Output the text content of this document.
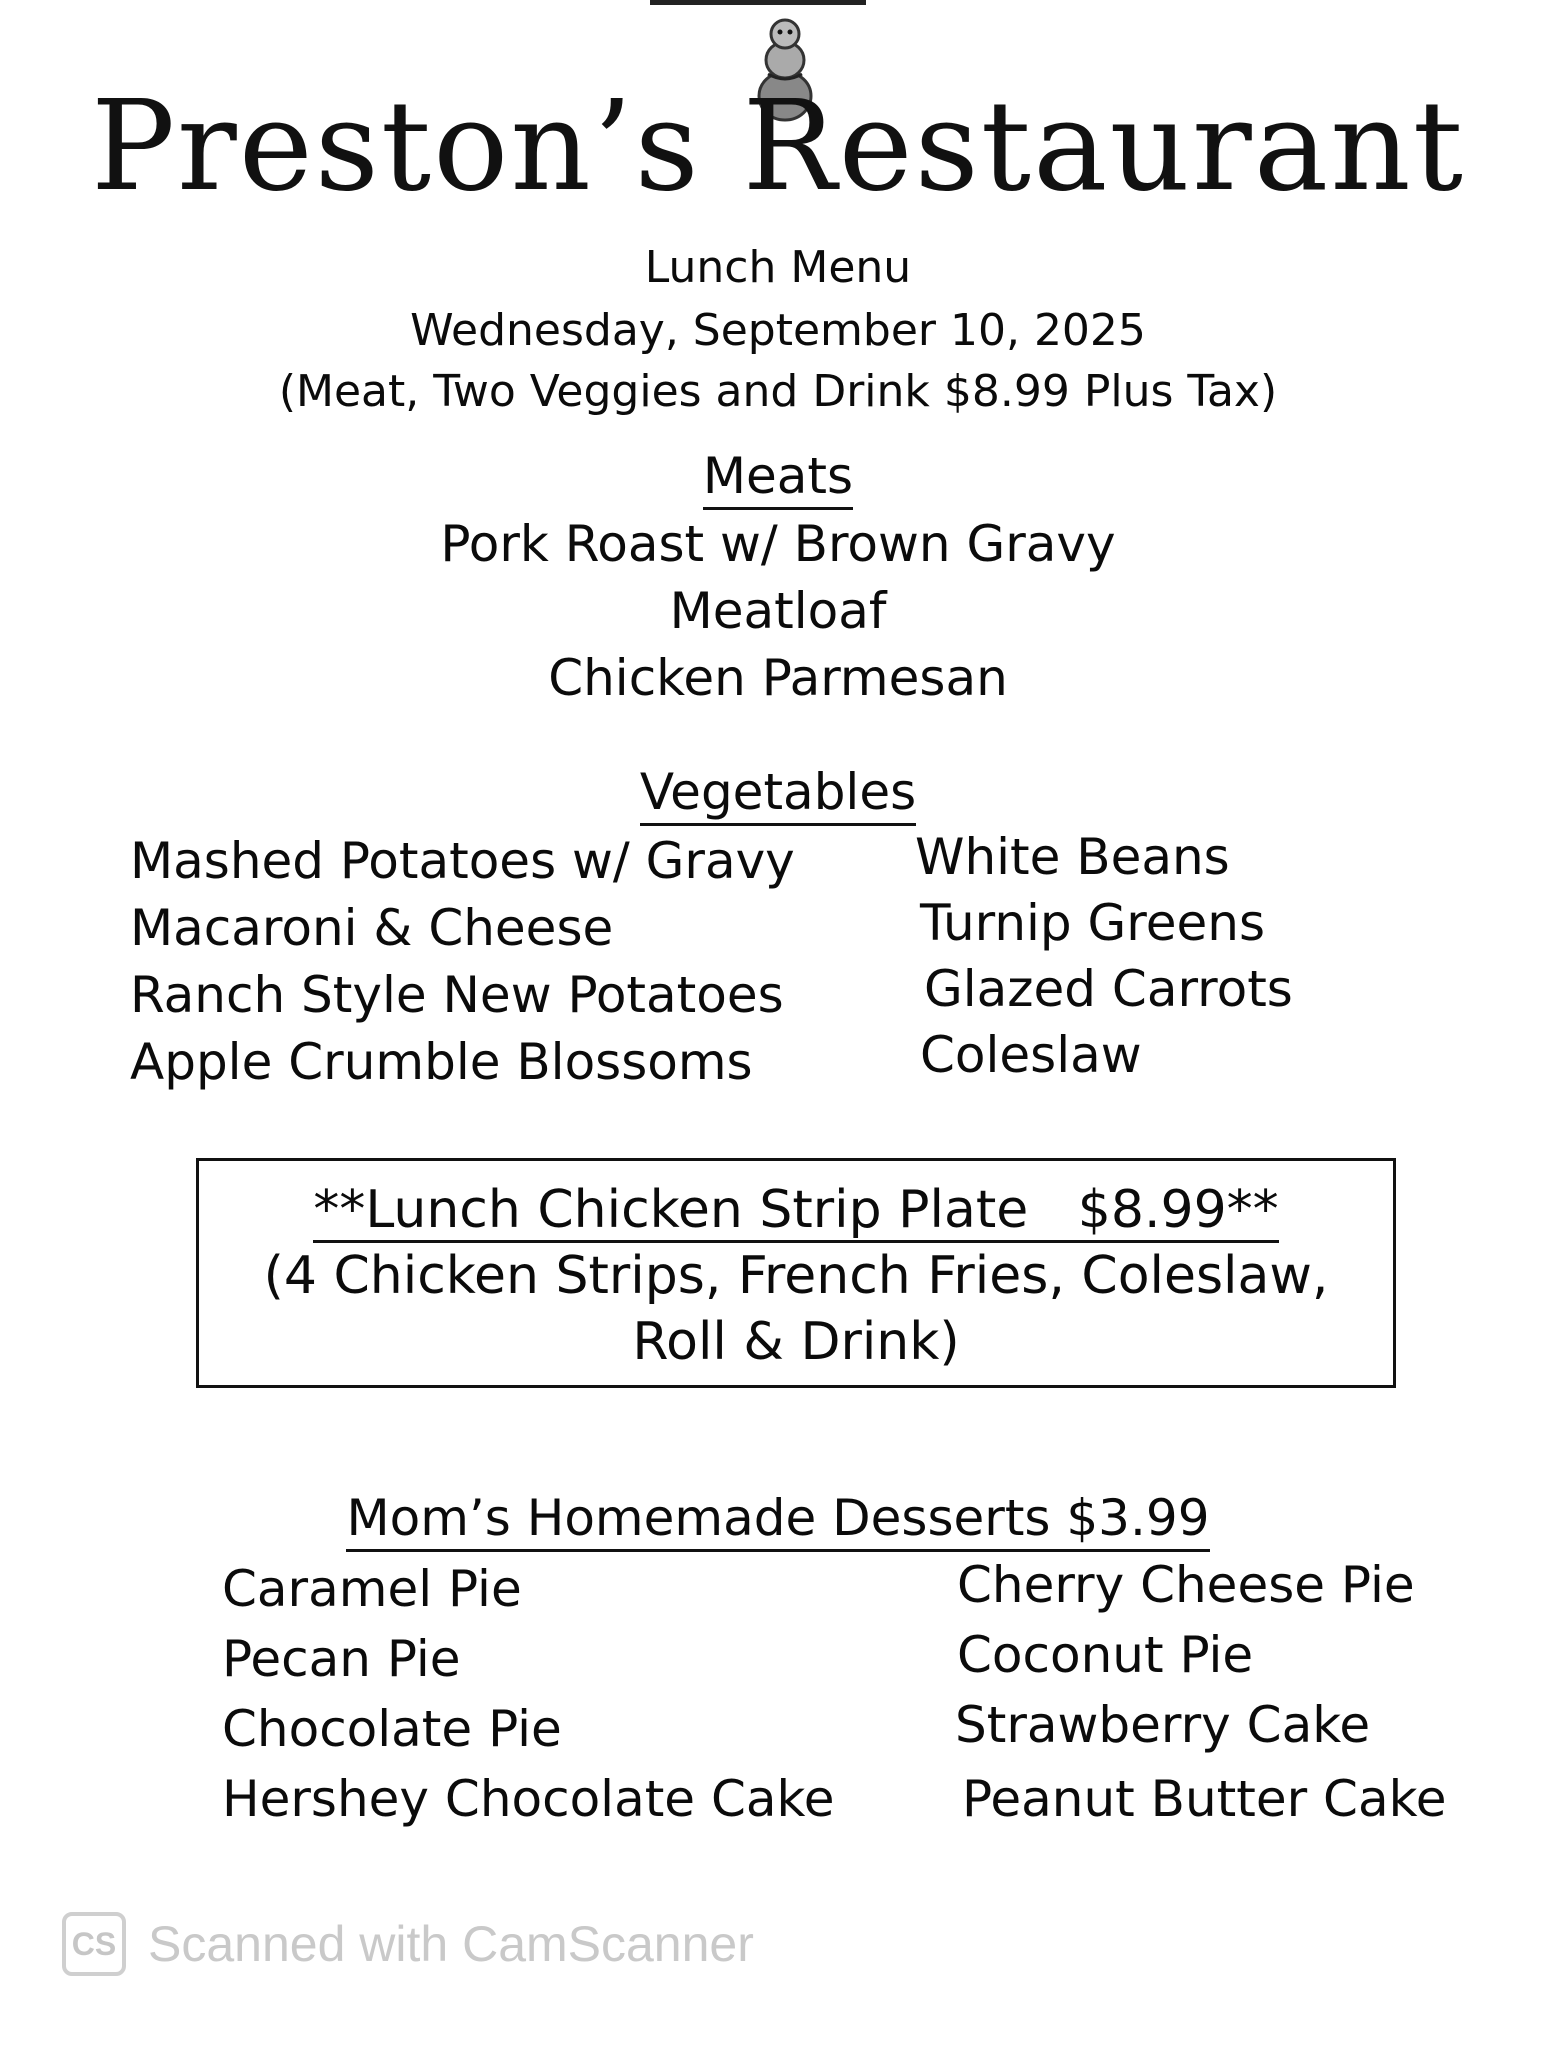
Preston’s Restaurant
Lunch Menu
Wednesday, September 10, 2025
(Meat, Two Veggies and Drink $8.99 Plus Tax)
Meats
Pork Roast w/ Brown Gravy
Meatloaf
Chicken Parmesan
Vegetables
Mashed Potatoes w/ Gravy
Macaroni & Cheese
Ranch Style New Potatoes
Apple Crumble Blossoms
White Beans
Turnip Greens
Glazed Carrots
Coleslaw
**Lunch Chicken Strip Plate   $8.99**
(4 Chicken Strips, French Fries, Coleslaw, Roll & Drink)
Mom’s Homemade Desserts $3.99
Caramel Pie
Pecan Pie
Chocolate Pie
Hershey Chocolate Cake
Cherry Cheese Pie
Coconut Pie
Strawberry Cake
Peanut Butter Cake
CS Scanned with CamScanner
